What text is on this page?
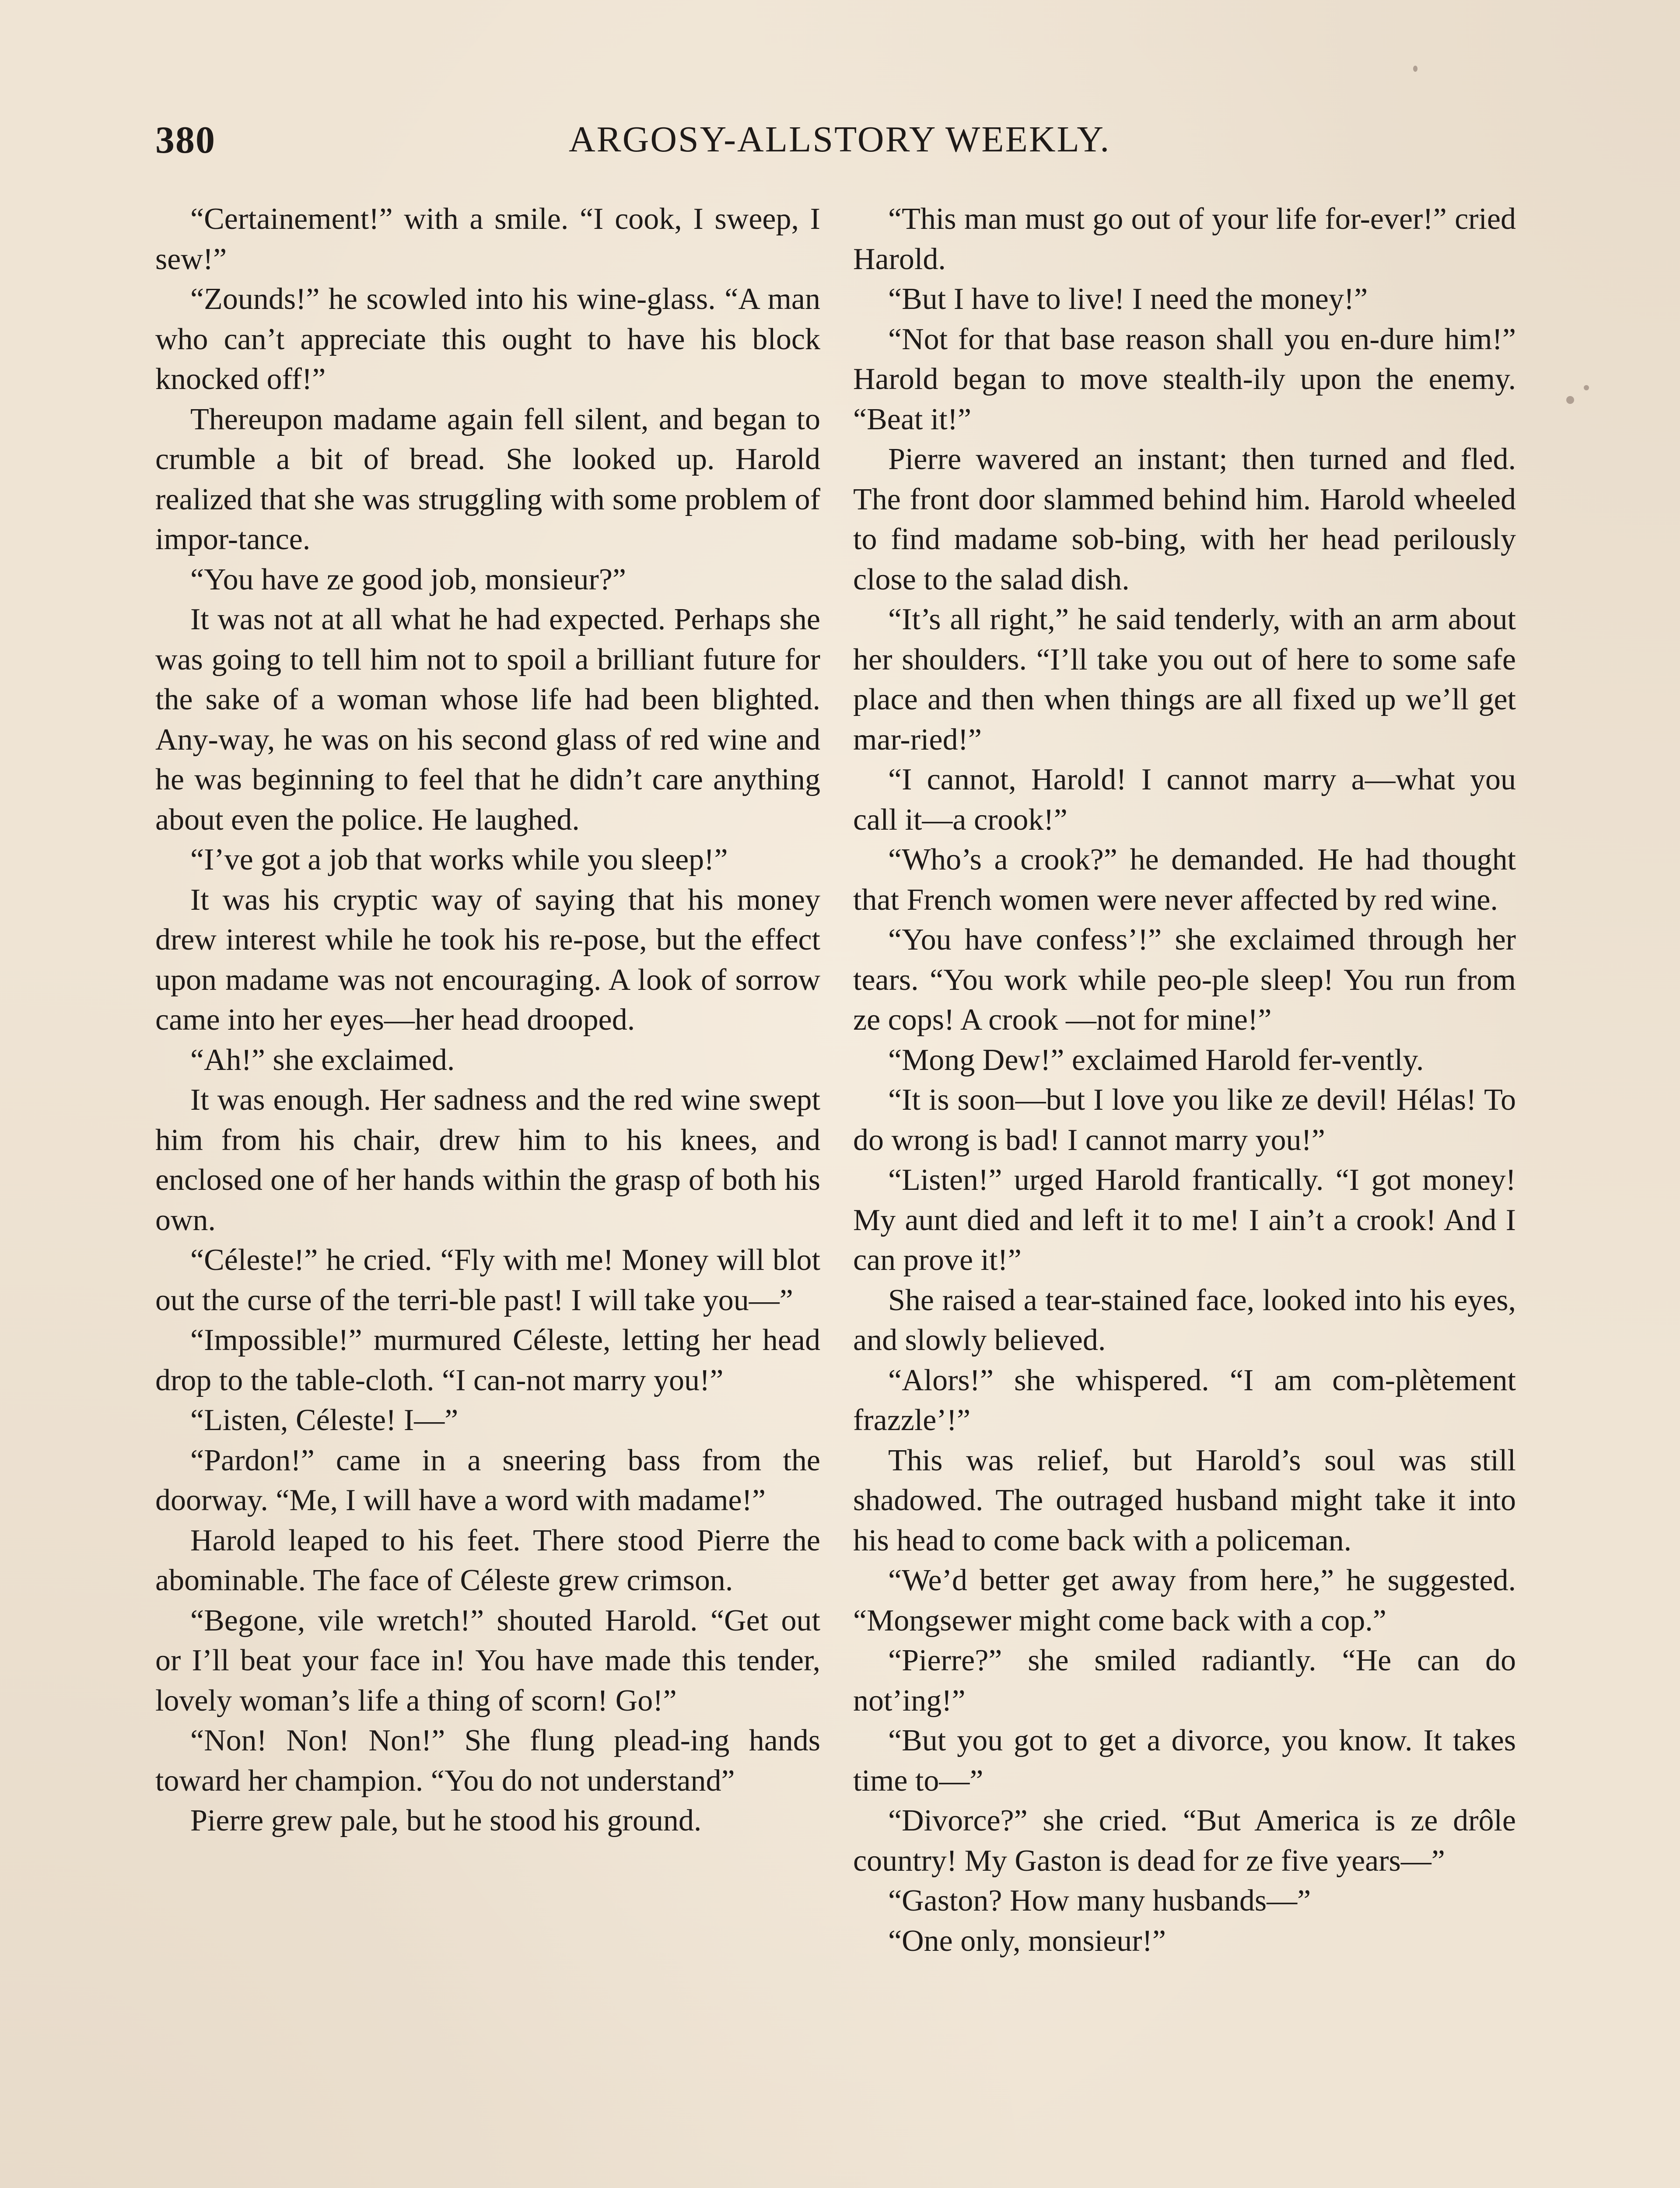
380	ARGOSY-ALLSTORY WEEKLY.

“Certainement!” with a smile. “I cook, I sweep, I sew!”

“Zounds!” he scowled into his wine-glass. “A man who can’t appreciate this ought to have his block knocked off!”

Thereupon madame again fell silent, and began to crumble a bit of bread. She looked up. Harold realized that she was struggling with some problem of impor-tance.

“You have ze good job, monsieur?”

It was not at all what he had expected. Perhaps she was going to tell him not to spoil a brilliant future for the sake of a woman whose life had been blighted. Any-way, he was on his second glass of red wine and he was beginning to feel that he didn’t care anything about even the police. He laughed.

“I’ve got a job that works while you sleep!”

It was his cryptic way of saying that his money drew interest while he took his re-pose, but the effect upon madame was not encouraging. A look of sorrow came into her eyes—her head drooped.

“Ah!” she exclaimed.

It was enough. Her sadness and the red wine swept him from his chair, drew him to his knees, and enclosed one of her hands within the grasp of both his own.

“Céleste!” he cried. “Fly with me! Money will blot out the curse of the terri-ble past! I will take you—”

“Impossible!” murmured Céleste, letting her head drop to the table-cloth. “I can-not marry you!”

“Listen, Céleste! I—”

“Pardon!” came in a sneering bass from the doorway. “Me, I will have a word with madame!”

Harold leaped to his feet. There stood Pierre the abominable. The face of Céleste grew crimson.

“Begone, vile wretch!” shouted Harold. “Get out or I’ll beat your face in! You have made this tender, lovely woman’s life a thing of scorn! Go!”

“Non! Non! Non!” She flung plead-ing hands toward her champion. “You do not understand”

Pierre grew pale, but he stood his ground.

“This man must go out of your life for-ever!” cried Harold.

“But I have to live! I need the money!”

“Not for that base reason shall you en-dure him!” Harold began to move stealth-ily upon the enemy. “Beat it!”

Pierre wavered an instant; then turned and fled. The front door slammed behind him. Harold wheeled to find madame sob-bing, with her head perilously close to the salad dish.

“It’s all right,” he said tenderly, with an arm about her shoulders. “I’ll take you out of here to some safe place and then when things are all fixed up we’ll get mar-ried!”

“I cannot, Harold! I cannot marry a—what you call it—a crook!”

“Who’s a crook?” he demanded. He had thought that French women were never affected by red wine.

“You have confess’!” she exclaimed through her tears. “You work while peo-ple sleep! You run from ze cops! A crook —not for mine!”

“Mong Dew!” exclaimed Harold fer-vently.

“It is soon—but I love you like ze devil! Hélas! To do wrong is bad! I cannot marry you!”

“Listen!” urged Harold frantically. “I got money! My aunt died and left it to me! I ain’t a crook! And I can prove it!”

She raised a tear-stained face, looked into his eyes, and slowly believed.

“Alors!” she whispered. “I am com-plètement frazzle’!”

This was relief, but Harold’s soul was still shadowed. The outraged husband might take it into his head to come back with a policeman.

“We’d better get away from here,” he suggested. “Mongsewer might come back with a cop.”

“Pierre?” she smiled radiantly. “He can do not’ing!”

“But you got to get a divorce, you know. It takes time to—”

“Divorce?” she cried. “But America is ze drôle country! My Gaston is dead for ze five years—”

“Gaston? How many husbands—”

“One only, monsieur!”
